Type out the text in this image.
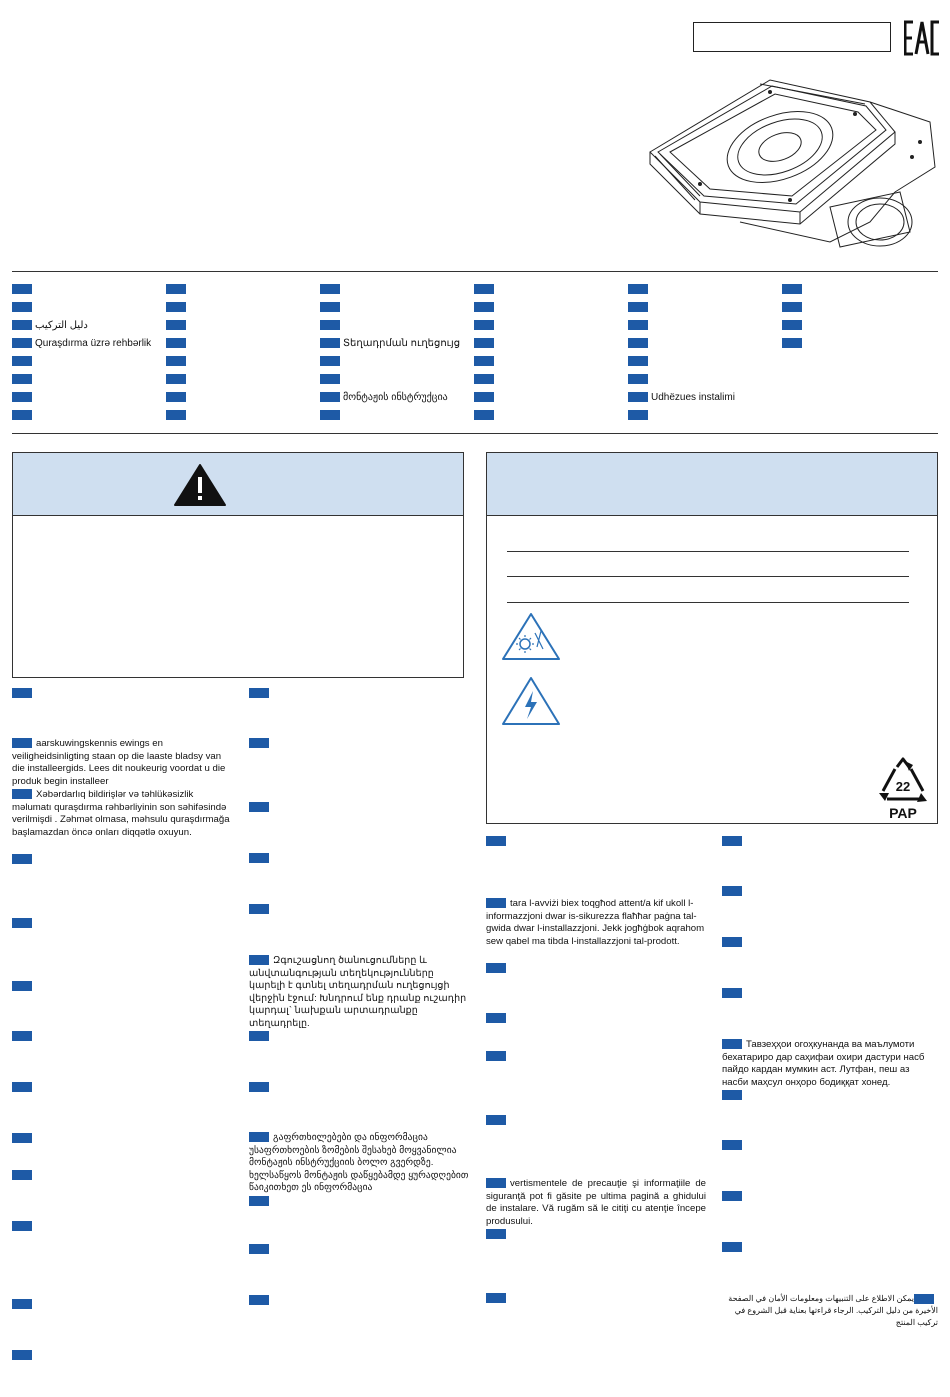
دليل التركيب
Quraşdırma üzrə rehbərlik	Տեղադրման ուղեցույց
მონტაჟის ინსტრუქცია	Udhëzues instalimi
22
PAP
aarskuwingskennis ewings en veiligheidsinligting staan op die laaste bladsy van die installeergids. Lees dit noukeurig voordat u die produk begin installeer
Xəbərdarlıq bildirişlər və təhlükəsizlik məlumatı quraşdırma rəhbərliyinin son səhifəsində verilmişdi . Zəhmət olmasa, məhsulu quraşdırmağa başlamazdan öncə onları diqqətlə oxuyun.
Զգուշացնող ծանուցումները և անվտանգության տեղեկությունները կարելի է գտնել տեղադրման ուղեցույցի վերջին էջում: Խնդրում ենք դրանք ուշադիր կարդալ` նախքան արտադրանքը տեղադրելը.
გაფრთხილებები და ინფორმაცია უსაფრთხოების ზომების შესახებ მოყვანილია მონტაჟის ინსტრუქციის ბოლო გვერდზე. ხელსაწყოს მონტაჟის დაწყებამდე ყურადღებით წაიკითხეთ ეს ინფორმაცია
tara l-avviżi biex toqgħod attent/a kif ukoll l-informazzjoni dwar is-sikurezza flaħħar paġna tal-gwida dwar l-installazzjoni. Jekk jogħġbok aqrahom sew qabel ma tibda l-installazzjoni tal-prodott.
vertismentele de precauţie şi informaţiile de siguranţă pot fi găsite pe ultima pagină a ghidului de instalare. Vă rugăm să le citiţi cu atenţie începe produsului.
Тавзеҳҳои огоҳкунанда ва маълумоти бехатариро дар саҳифаи охири дастури насб пайдо кардан мумкин аст. Лутфан, пеш аз насби маҳсул онҳоро бодиққат хонед.
يمكن الاطلاع على التنبيهات ومعلومات الأمان في الصفحة الأخيرة من دليل التركيب. الرجاء قراءتها بعناية قبل الشروع في تركيب المنتج
